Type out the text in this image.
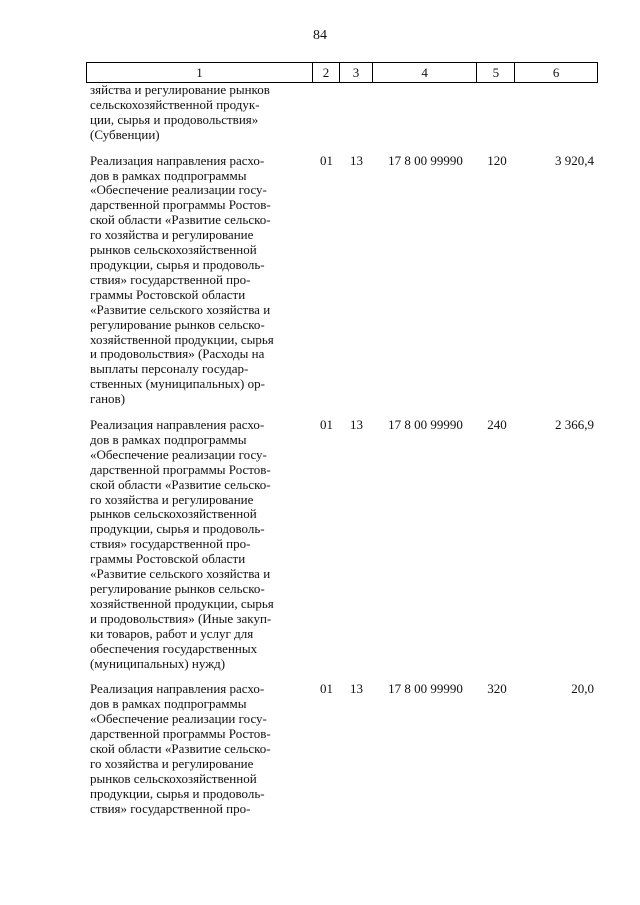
84
1	2	3	4	5	6
зяйства и регулирование рынков
сельскохозяйственной продук-
ции, сырья и продовольствия»
(Субвенции)
Реализация направления расхо-
дов в рамках подпрограммы
«Обеспечение реализации госу-
дарственной программы Ростов-
ской области «Развитие сельско-
го хозяйства и регулирование
рынков сельскохозяйственной
продукции, сырья и продоволь-
ствия» государственной про-
граммы Ростовской области
«Развитие сельского хозяйства и
регулирование рынков сельско-
хозяйственной продукции, сырья
и продовольствия» (Расходы на
выплаты персоналу государ-
ственных (муниципальных) ор-
ганов)
01	13	17 8 00 99990	120	3 920,4
Реализация направления расхо-
дов в рамках подпрограммы
«Обеспечение реализации госу-
дарственной программы Ростов-
ской области «Развитие сельско-
го хозяйства и регулирование
рынков сельскохозяйственной
продукции, сырья и продоволь-
ствия» государственной про-
граммы Ростовской области
«Развитие сельского хозяйства и
регулирование рынков сельско-
хозяйственной продукции, сырья
и продовольствия» (Иные закуп-
ки товаров, работ и услуг для
обеспечения государственных
(муниципальных) нужд)
01	13	17 8 00 99990	240	2 366,9
Реализация направления расхо-
дов в рамках подпрограммы
«Обеспечение реализации госу-
дарственной программы Ростов-
ской области «Развитие сельско-
го хозяйства и регулирование
рынков сельскохозяйственной
продукции, сырья и продоволь-
ствия» государственной про-
01	13	17 8 00 99990	320	20,0
